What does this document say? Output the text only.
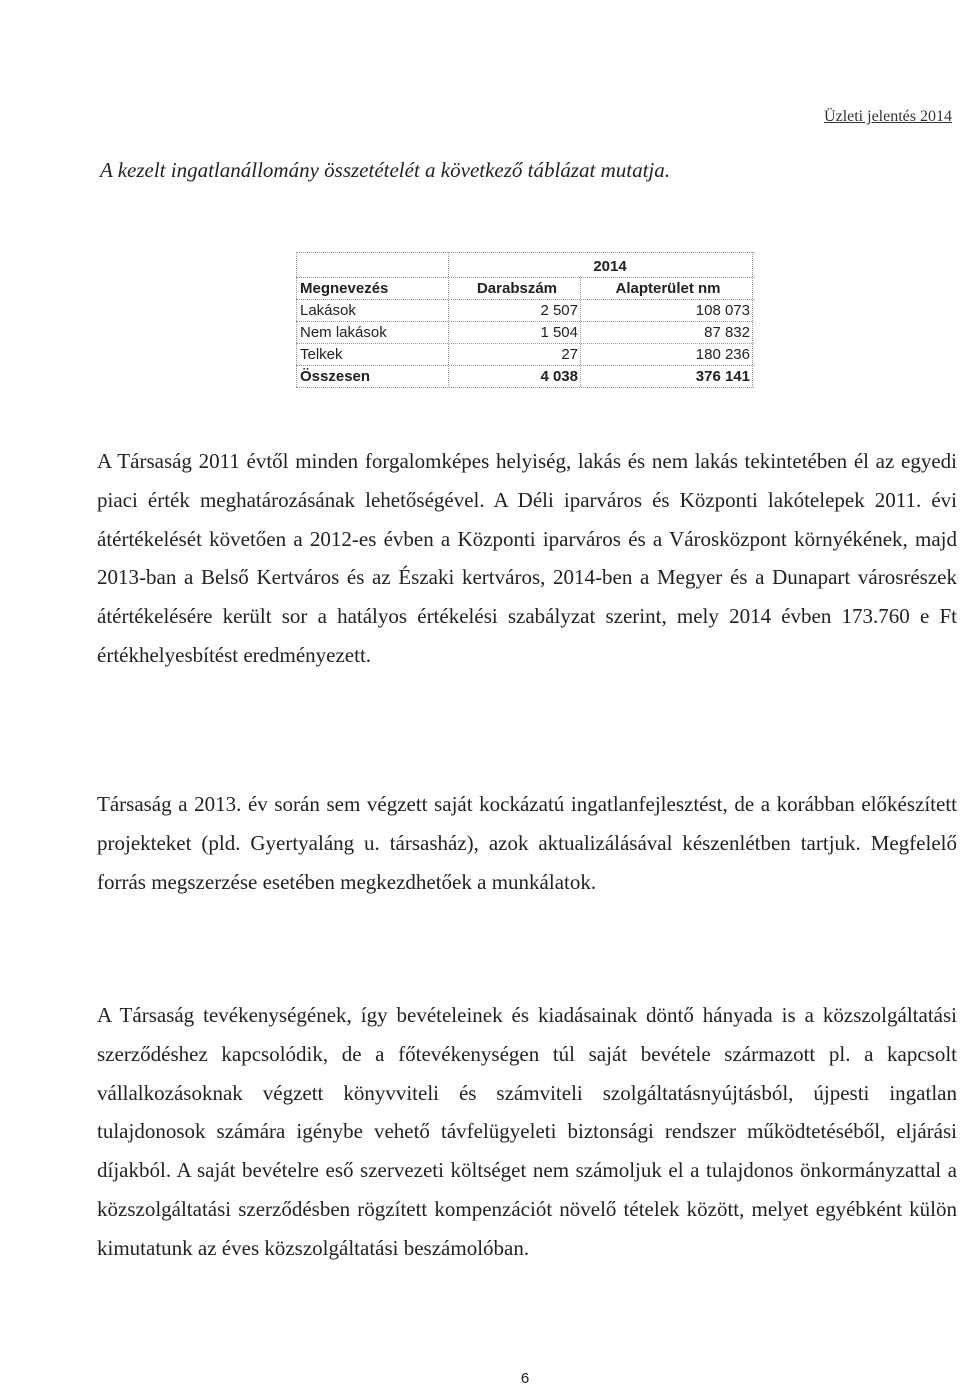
Üzleti jelentés 2014
A kezelt ingatlanállomány összetételét a következő táblázat mutatja.
2014
Megnevezés	Darabszám	Alapterület nm
Lakások	2 507	108 073
Nem lakások	1 504	87 832
Telkek	27	180 236
Összesen	4 038	376 141
A Társaság 2011 évtől minden forgalomképes helyiség, lakás és nem lakás tekintetében él az egyedi piaci érték meghatározásának lehetőségével. A Déli iparváros és Központi lakótelepek 2011. évi átértékelését követően a 2012-es évben a Központi iparváros és a Városközpont környékének, majd 2013-ban a Belső Kertváros és az Északi kertváros, 2014-ben a Megyer és a Dunapart városrészek átértékelésére került sor a hatályos értékelési szabályzat szerint, mely 2014 évben 173.760 e Ft értékhelyesbítést eredményezett.
Társaság a 2013. év során sem végzett saját kockázatú ingatlanfejlesztést, de a korábban előkészített projekteket (pld. Gyertyaláng u. társasház), azok aktualizálásával készenlétben tartjuk. Megfelelő forrás megszerzése esetében megkezdhetőek a munkálatok.
A Társaság tevékenységének, így bevételeinek és kiadásainak döntő hányada is a közszolgáltatási szerződéshez kapcsolódik, de a főtevékenységen túl saját bevétele származott pl. a kapcsolt vállalkozásoknak végzett könyvviteli és számviteli szolgáltatásnyújtásból, újpesti ingatlan tulajdonosok számára igénybe vehető távfelügyeleti biztonsági rendszer működtetéséből, eljárási díjakból. A saját bevételre eső szervezeti költséget nem számoljuk el a tulajdonos önkormányzattal a közszolgáltatási szerződésben rögzített kompenzációt növelő tételek között, melyet egyébként külön kimutatunk az éves közszolgáltatási beszámolóban.
6
